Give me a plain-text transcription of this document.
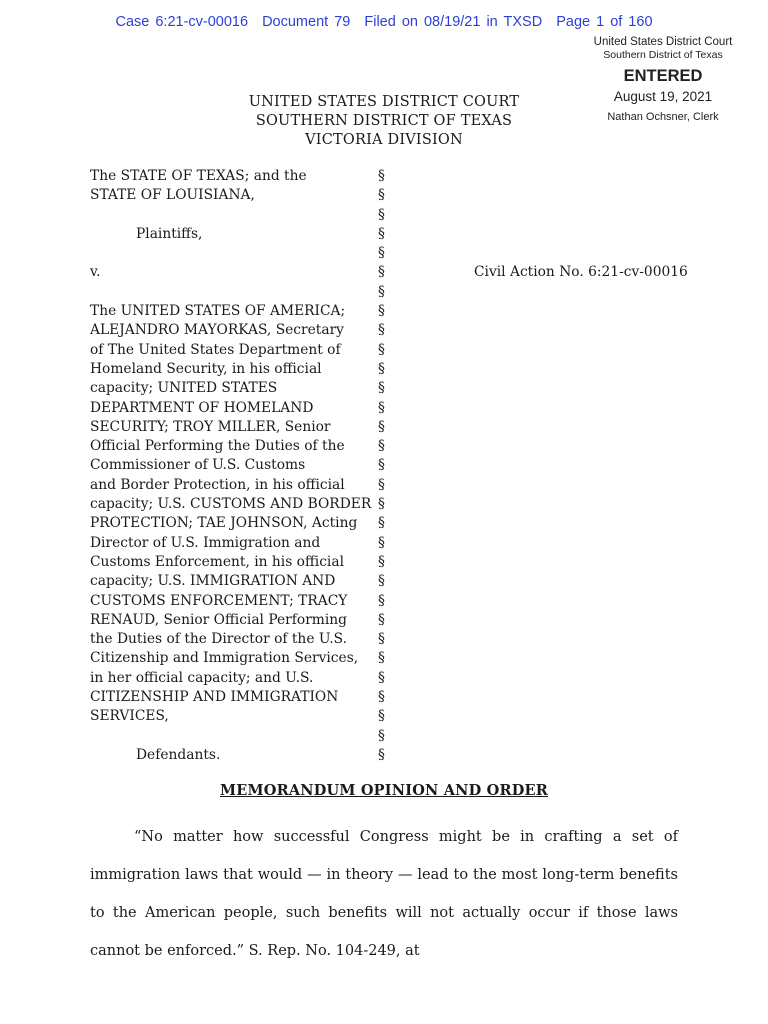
Case 6:21-cv-00016 Document 79 Filed on 08/19/21 in TXSD Page 1 of 160
United States District Court
Southern District of Texas
ENTERED
August 19, 2021
Nathan Ochsner, Clerk
UNITED STATES DISTRICT COURT
SOUTHERN DISTRICT OF TEXAS
VICTORIA DIVISION
The STATE OF TEXAS; and the	§
STATE OF LOUISIANA,	§
§
Plaintiffs,	§
§
v.	§	Civil Action No. 6:21-cv-00016
§
The UNITED STATES OF AMERICA; §
ALEJANDRO MAYORKAS, Secretary §
of The United States Department of	§
Homeland Security, in his official	§
capacity; UNITED STATES	§
DEPARTMENT OF HOMELAND	§
SECURITY; TROY MILLER, Senior	§
Official Performing the Duties of the §
Commissioner of U.S. Customs	§
and Border Protection, in his official §
capacity; U.S. CUSTOMS AND BORDER §
PROTECTION; TAE JOHNSON, Acting §
Director of U.S. Immigration and	§
Customs Enforcement, in his official §
capacity; U.S. IMMIGRATION AND	§
CUSTOMS ENFORCEMENT; TRACY §
RENAUD, Senior Official Performing §
the Duties of the Director of the U.S. §
Citizenship and Immigration Services, §
in her official capacity; and U.S.	§
CITIZENSHIP AND IMMIGRATION	§
SERVICES,	§
§
Defendants.	§
MEMORANDUM OPINION AND ORDER

“No matter how successful Congress might be in crafting a set of immigration laws that would — in theory — lead to the most long-term benefits to the American people, such benefits will not actually occur if those laws cannot be enforced.” S. Rep. No. 104-249, at
